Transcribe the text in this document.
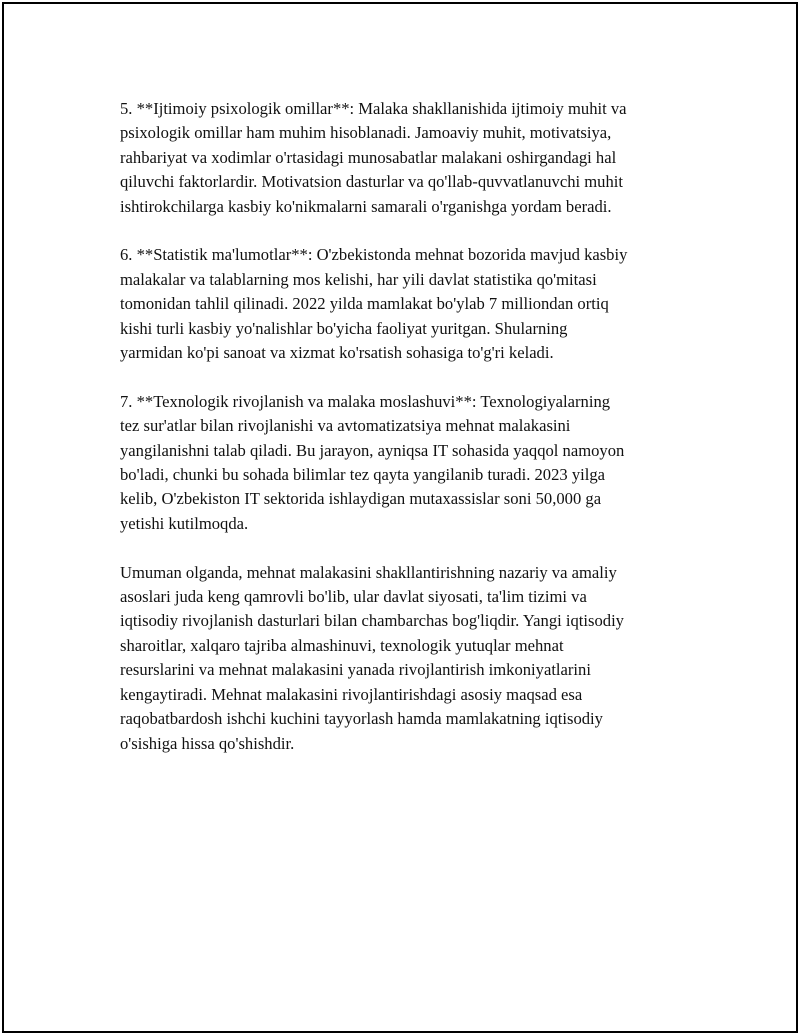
5. **Ijtimoiy psixologik omillar**: Malaka shakllanishida ijtimoiy muhit va
psixologik omillar ham muhim hisoblanadi. Jamoaviy muhit, motivatsiya,
rahbariyat va xodimlar o'rtasidagi munosabatlar malakani oshirgandagi hal
qiluvchi faktorlardir. Motivatsion dasturlar va qo'llab-quvvatlanuvchi muhit
ishtirokchilarga kasbiy ko'nikmalarni samarali o'rganishga yordam beradi.

6. **Statistik ma'lumotlar**: O'zbekistonda mehnat bozorida mavjud kasbiy
malakalar va talablarning mos kelishi, har yili davlat statistika qo'mitasi
tomonidan tahlil qilinadi. 2022 yilda mamlakat bo'ylab 7 milliondan ortiq
kishi turli kasbiy yo'nalishlar bo'yicha faoliyat yuritgan. Shularning
yarmidan ko'pi sanoat va xizmat ko'rsatish sohasiga to'g'ri keladi.

7. **Texnologik rivojlanish va malaka moslashuvi**: Texnologiyalarning
tez sur'atlar bilan rivojlanishi va avtomatizatsiya mehnat malakasini
yangilanishni talab qiladi. Bu jarayon, ayniqsa IT sohasida yaqqol namoyon
bo'ladi, chunki bu sohada bilimlar tez qayta yangilanib turadi. 2023 yilga
kelib, O'zbekiston IT sektorida ishlaydigan mutaxassislar soni 50,000 ga
yetishi kutilmoqda.

Umuman olganda, mehnat malakasini shakllantirishning nazariy va amaliy
asoslari juda keng qamrovli bo'lib, ular davlat siyosati, ta'lim tizimi va
iqtisodiy rivojlanish dasturlari bilan chambarchas bog'liqdir. Yangi iqtisodiy
sharoitlar, xalqaro tajriba almashinuvi, texnologik yutuqlar mehnat
resurslarini va mehnat malakasini yanada rivojlantirish imkoniyatlarini
kengaytiradi. Mehnat malakasini rivojlantirishdagi asosiy maqsad esa
raqobatbardosh ishchi kuchini tayyorlash hamda mamlakatning iqtisodiy
o'sishiga hissa qo'shishdir.
